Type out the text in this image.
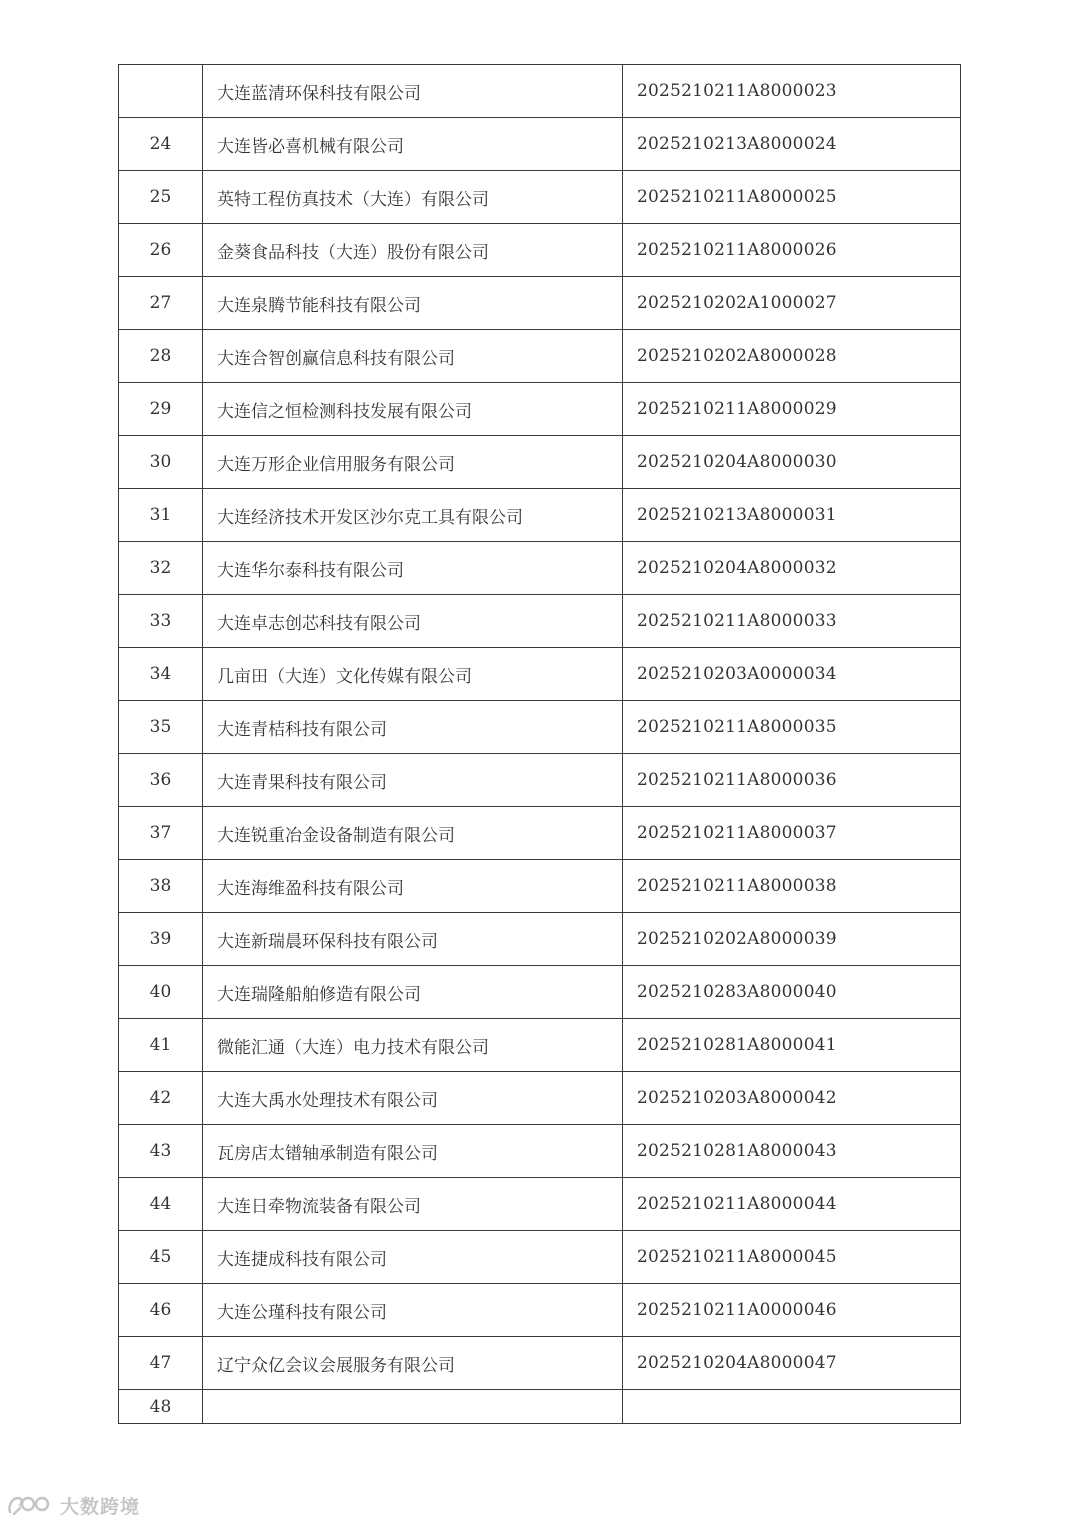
	大连蓝清环保科技有限公司	2025210211A8000023
24	大连皆必喜机械有限公司	2025210213A8000024
25	英特工程仿真技术（大连）有限公司	2025210211A8000025
26	金葵食品科技（大连）股份有限公司	2025210211A8000026
27	大连泉腾节能科技有限公司	2025210202A1000027
28	大连合智创赢信息科技有限公司	2025210202A8000028
29	大连信之恒检测科技发展有限公司	2025210211A8000029
30	大连万形企业信用服务有限公司	2025210204A8000030
31	大连经济技术开发区沙尔克工具有限公司	2025210213A8000031
32	大连华尔泰科技有限公司	2025210204A8000032
33	大连卓志创芯科技有限公司	2025210211A8000033
34	几亩田（大连）文化传媒有限公司	2025210203A0000034
35	大连青桔科技有限公司	2025210211A8000035
36	大连青果科技有限公司	2025210211A8000036
37	大连锐重冶金设备制造有限公司	2025210211A8000037
38	大连海维盈科技有限公司	2025210211A8000038
39	大连新瑞晨环保科技有限公司	2025210202A8000039
40	大连瑞隆船舶修造有限公司	2025210283A8000040
41	微能汇通（大连）电力技术有限公司	2025210281A8000041
42	大连大禹水处理技术有限公司	2025210203A8000042
43	瓦房店太镨轴承制造有限公司	2025210281A8000043
44	大连日牵物流装备有限公司	2025210211A8000044
45	大连捷成科技有限公司	2025210211A8000045
46	大连公瑾科技有限公司	2025210211A0000046
47	辽宁众亿会议会展服务有限公司	2025210204A8000047
48		
大数跨境
